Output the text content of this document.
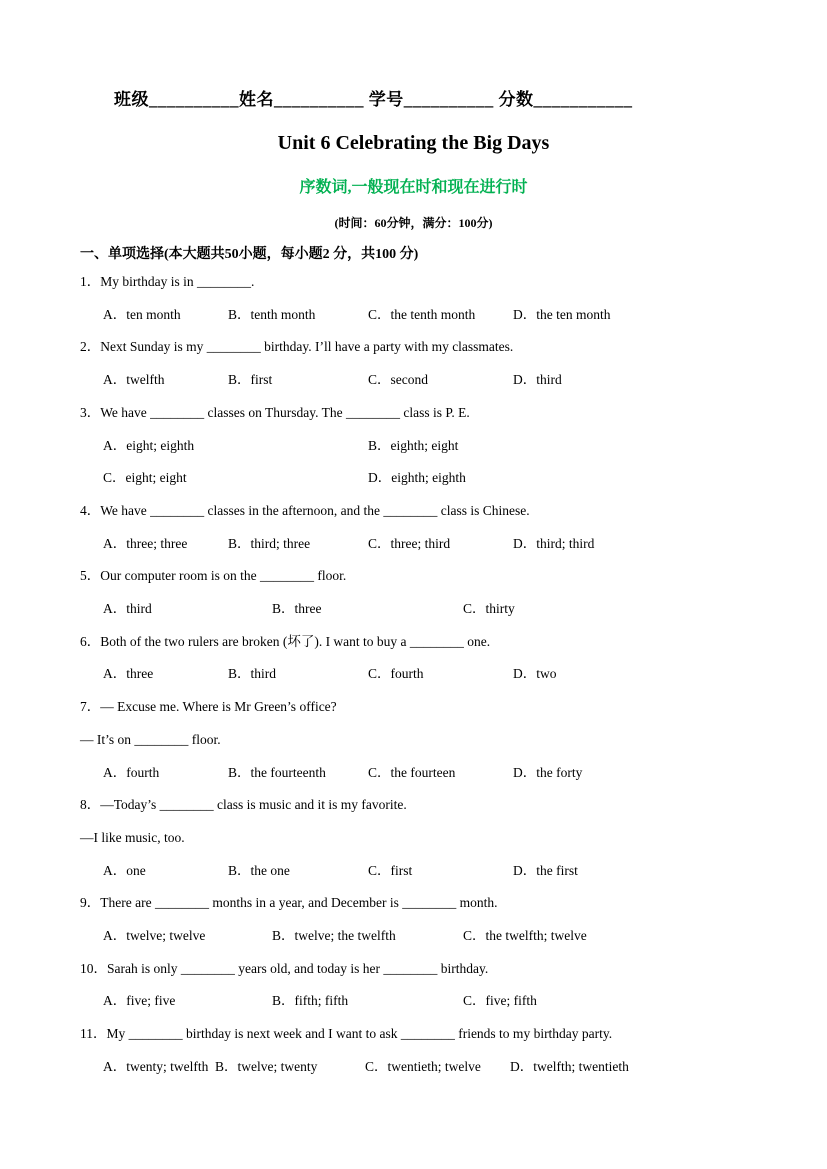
班级__________姓名__________ 学号__________ 分数___________
Unit 6 Celebrating the Big Days
序数词,一般现在时和现在进行时
(时间：60分钟，满分：100分)
一、单项选择(本大题共50小题，每小题2 分，共100 分)
1．My birthday is in ________.
A．ten month	B．tenth month	C．the tenth month	D．the ten month
2．Next Sunday is my ________ birthday. I’ll have a party with my classmates.
A．twelfth	B．first	C．second	D．third
3．We have ________ classes on Thursday. The ________ class is P. E.
A．eight; eighth	B．eighth; eight
C．eight; eight	D．eighth; eighth
4．We have ________ classes in the afternoon, and the ________ class is Chinese.
A．three; three	B．third; three	C．three; third	D．third; third
5．Our computer room is on the ________ floor.
A．third	B．three	C．thirty
6．Both of the two rulers are broken (坏了). I want to buy a ________ one.
A．three	B．third	C．fourth	D．two
7．— Excuse me. Where is Mr Green’s office?
— It’s on ________ floor.
A．fourth	B．the fourteenth	C．the fourteen	D．the forty
8．—Today’s ________ class is music and it is my favorite.
—I like music, too.
A．one	B．the one	C．first	D．the first
9．There are ________ months in a year, and December is ________ month.
A．twelve; twelve	B．twelve; the twelfth	C．the twelfth; twelve
10．Sarah is only ________ years old, and today is her ________ birthday.
A．five; five	B．fifth; fifth	C．five; fifth
11．My ________ birthday is next week and I want to ask ________ friends to my birthday party.
A．twenty; twelfth B．twelve; twenty	C．twentieth; twelve D．twelfth; twentieth
